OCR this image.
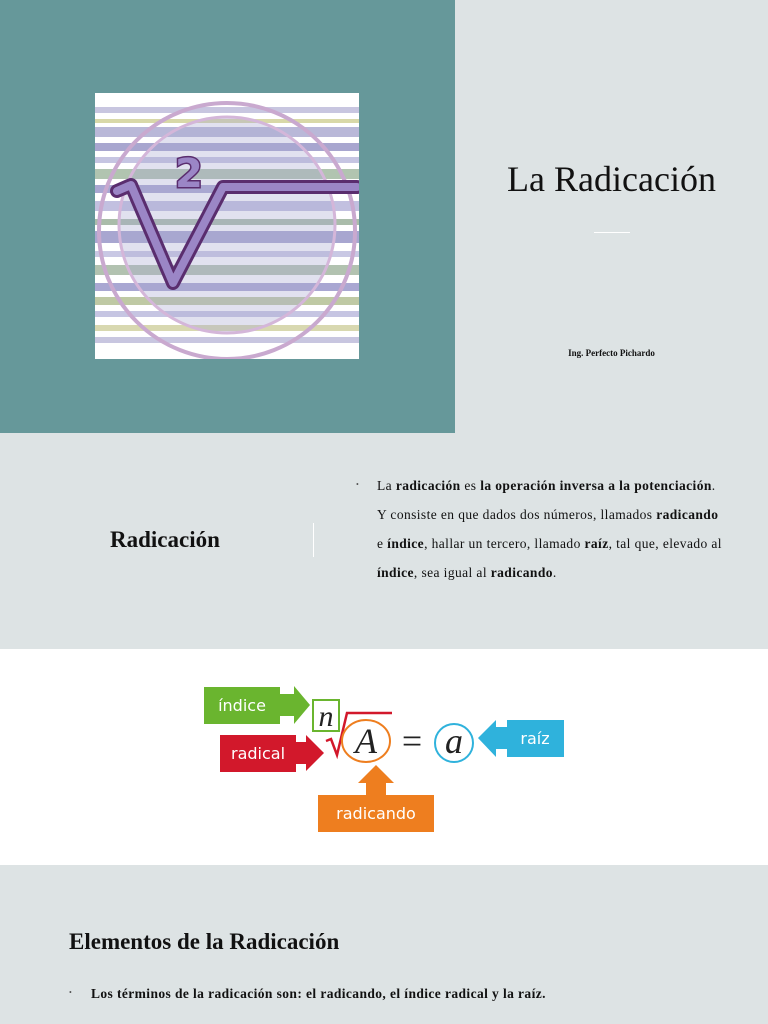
2	La Radicación
Ing. Perfecto Pichardo
Radicación
• La radicación es la operación inversa a la potenciación. Y consiste en que dados dos números, llamados radicando e índice, hallar un tercero, llamado raíz, tal que, elevado al índice, sea igual al radicando.
índice
radical
raíz
radicando
n
A = a
Elementos de la Radicación
• Los términos de la radicación son: el radicando, el índice radical y la raíz.
